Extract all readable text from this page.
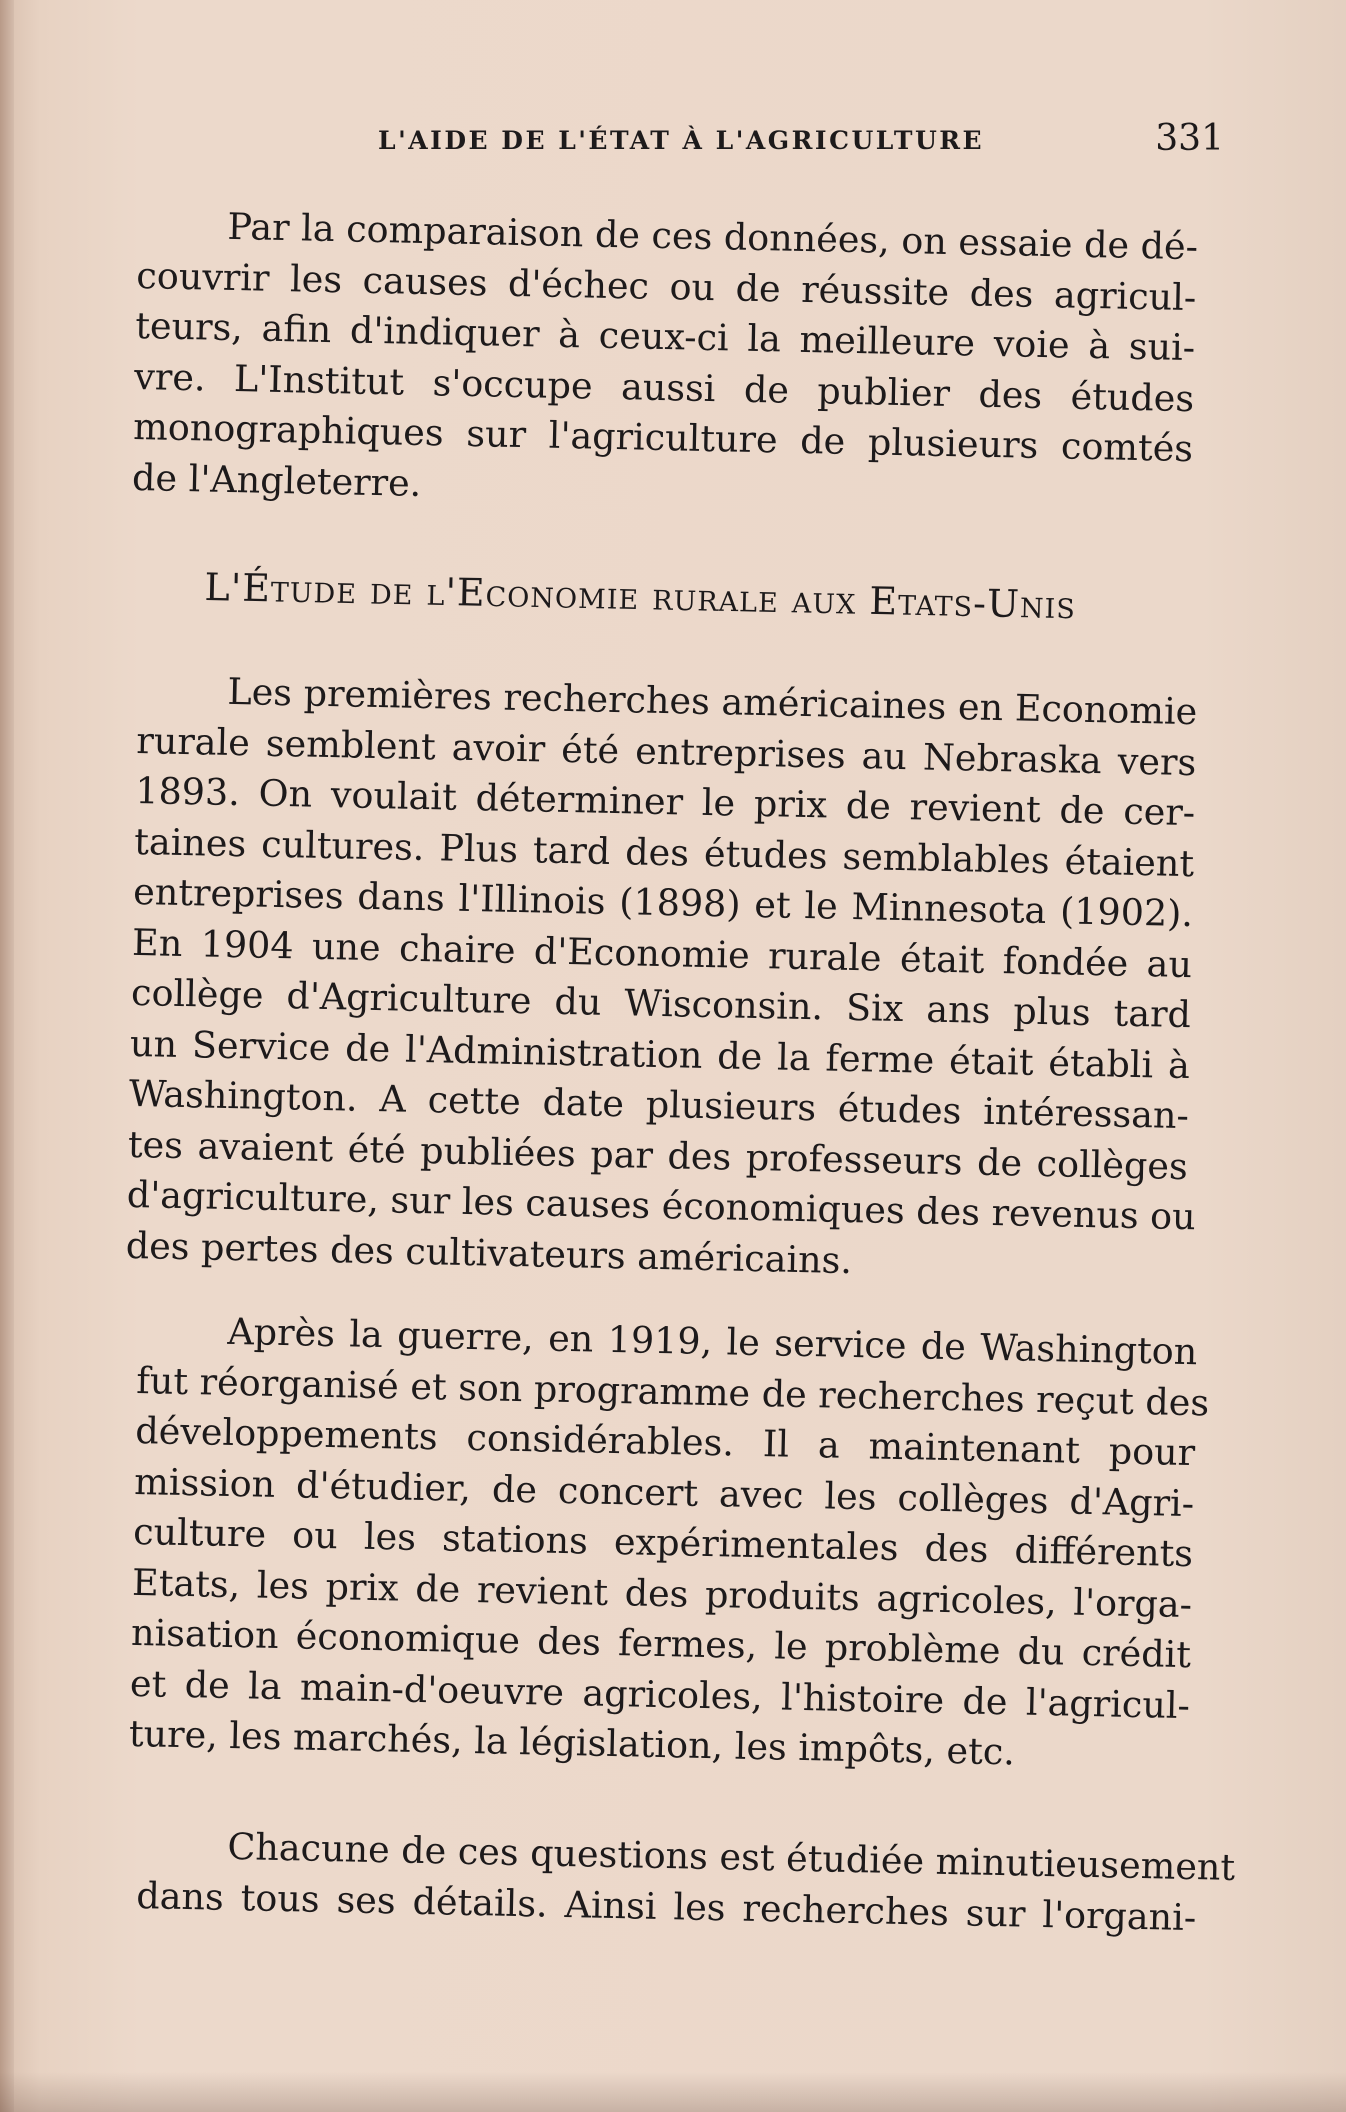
L'AIDE DE L'ÉTAT À L'AGRICULTURE	331
Par la comparaison de ces données, on essaie de dé-
couvrir les causes d'échec ou de réussite des agricul-
teurs, afin d'indiquer à ceux-ci la meilleure voie à sui-
vre. L'Institut s'occupe aussi de publier des études
monographiques sur l'agriculture de plusieurs comtés
de l'Angleterre.
L'Étude de l'Economie rurale aux Etats-Unis
Les premières recherches américaines en Economie
rurale semblent avoir été entreprises au Nebraska vers
1893. On voulait déterminer le prix de revient de cer-
taines cultures. Plus tard des études semblables étaient
entreprises dans l'Illinois (1898) et le Minnesota (1902).
En 1904 une chaire d'Economie rurale était fondée au
collège d'Agriculture du Wisconsin. Six ans plus tard
un Service de l'Administration de la ferme était établi à
Washington. A cette date plusieurs études intéressan-
tes avaient été publiées par des professeurs de collèges
d'agriculture, sur les causes économiques des revenus ou
des pertes des cultivateurs américains.
Après la guerre, en 1919, le service de Washington
fut réorganisé et son programme de recherches reçut des
développements considérables. Il a maintenant pour
mission d'étudier, de concert avec les collèges d'Agri-
culture ou les stations expérimentales des différents
Etats, les prix de revient des produits agricoles, l'orga-
nisation économique des fermes, le problème du crédit
et de la main-d'oeuvre agricoles, l'histoire de l'agricul-
ture, les marchés, la législation, les impôts, etc.
Chacune de ces questions est étudiée minutieusement
dans tous ses détails. Ainsi les recherches sur l'organi-
